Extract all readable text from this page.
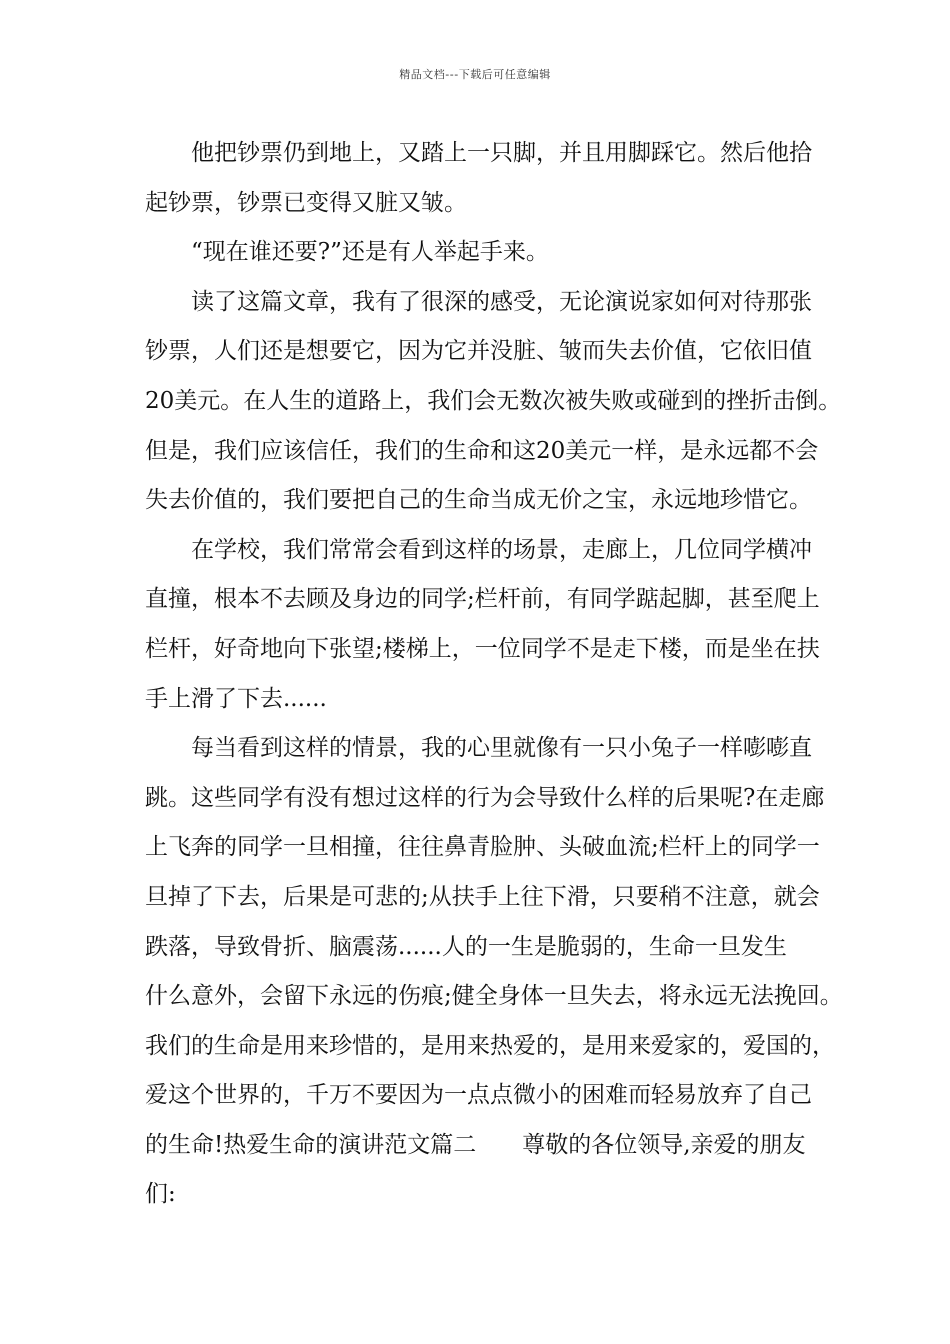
精品文档---下载后可任意编辑

他把钞票仍到地上，又踏上一只脚，并且用脚踩它。然后他拾
起钞票，钞票已变得又脏又皱。

“现在谁还要?”还是有人举起手来。

读了这篇文章，我有了很深的感受，无论演说家如何对待那张
钞票，人们还是想要它，因为它并没脏、皱而失去价值，它依旧值
20美元。在人生的道路上，我们会无数次被失败或碰到的挫折击倒。
但是，我们应该信任，我们的生命和这20美元一样，是永远都不会
失去价值的，我们要把自己的生命当成无价之宝，永远地珍惜它。

在学校，我们常常会看到这样的场景，走廊上，几位同学横冲
直撞，根本不去顾及身边的同学;栏杆前，有同学踮起脚，甚至爬上
栏杆，好奇地向下张望;楼梯上，一位同学不是走下楼，而是坐在扶
手上滑了下去......

每当看到这样的情景，我的心里就像有一只小兔子一样嘭嘭直
跳。这些同学有没有想过这样的行为会导致什么样的后果呢?在走廊
上飞奔的同学一旦相撞，往往鼻青脸肿、头破血流;栏杆上的同学一
旦掉了下去，后果是可悲的;从扶手上往下滑，只要稍不注意，就会
跌落，导致骨折、脑震荡......人的一生是脆弱的，生命一旦发生
什么意外，会留下永远的伤痕;健全身体一旦失去，将永远无法挽回。
我们的生命是用来珍惜的，是用来热爱的，是用来爱家的，爱国的，
爱这个世界的，千万不要因为一点点微小的困难而轻易放弃了自己
的生命!热爱生命的演讲范文篇二　　尊敬的各位领导,亲爱的朋友
们:
